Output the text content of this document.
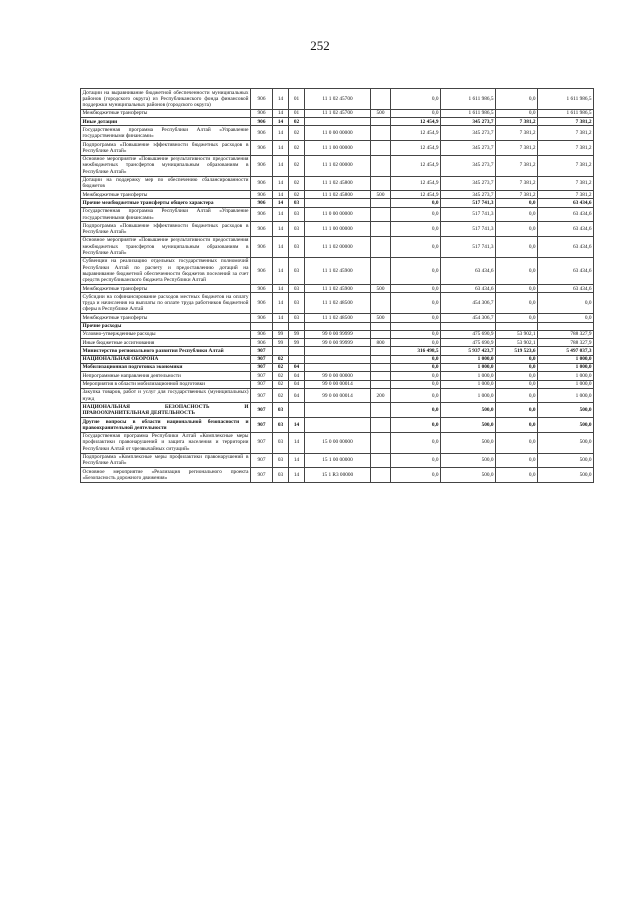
252
Дотации на выравнивание бюджетной обеспеченности муниципальных районов (городского округа) из Республиканского фонда финансовой поддержки муниципальных районов (городского округа)	906	14	01	11 1 02 45700		0,0	1 611 986,5	0,0	1 611 986,5
Межбюджетные трансферты	906	14	01	11 1 02 45700	500	0,0	1 611 986,5	0,0	1 611 986,5
Иные дотации	906	14	02			12 454,9	345 273,7	7 381,2	7 381,2
Государственная программа Республики Алтай «Управление государственными финансами»	906	14	02	11 0 00 00000		12 454,9	345 273,7	7 381,2	7 381,2
Подпрограмма «Повышение эффективности бюджетных расходов в Республике Алтай»	906	14	02	11 1 00 00000		12 454,9	345 273,7	7 381,2	7 381,2
Основное мероприятие «Повышение результативности предоставления межбюджетных трансфертов муниципальным образованиям в Республике Алтай»	906	14	02	11 1 02 00000		12 454,9	345 273,7	7 381,2	7 381,2
Дотации на поддержку мер по обеспечению сбалансированности бюджетов	906	14	02	11 1 02 45800		12 454,9	345 273,7	7 381,2	7 381,2
Межбюджетные трансферты	906	14	02	11 1 02 45800	500	12 454,9	345 273,7	7 381,2	7 381,2
Прочие межбюджетные трансферты общего характера	906	14	03			0,0	517 741,3	0,0	63 434,6
Государственная программа Республики Алтай «Управление государственными финансами»	906	14	03	11 0 00 00000		0,0	517 741,3	0,0	63 434,6
Подпрограмма «Повышение эффективности бюджетных расходов в Республике Алтай»	906	14	03	11 1 00 00000		0,0	517 741,3	0,0	63 434,6
Основное мероприятие «Повышение результативности предоставления межбюджетных трансфертов муниципальным образованиям в Республике Алтай»	906	14	03	11 1 02 00000		0,0	517 741,3	0,0	63 434,6
Субвенции на реализацию отдельных государственных полномочий Республики Алтай по расчету и предоставлению дотаций на выравнивание бюджетной обеспеченности бюджетов поселений за счет средств республиканского бюджета Республики Алтай	906	14	03	11 1 02 45900		0,0	63 434,6	0,0	63 434,6
Межбюджетные трансферты	906	14	03	11 1 02 45900	500	0,0	63 434,6	0,0	63 434,6
Субсидии на софинансирование расходов местных бюджетов на оплату труда и начисления на выплаты по оплате труда работников бюджетной сферы в Республике Алтай	906	14	03	11 1 02 48500		0,0	454 306,7	0,0	0,0
Межбюджетные трансферты	906	14	03	11 1 02 48500	500	0,0	454 306,7	0,0	0,0
Прочие расходы									
Условно-утвержденные расходы	906	99	99	99 0 00 99999		0,0	475 690,9	53 902,1	788 327,9
Иные бюджетные ассигнования	906	99	99	99 0 00 99999	800	0,0	475 690,9	53 902,1	788 327,9
Министерство регионального развития Республики Алтай	907					316 498,5	5 937 423,7	519 523,6	5 497 037,3
НАЦИОНАЛЬНАЯ ОБОРОНА	907	02				0,0	1 000,0	0,0	1 000,0
Мобилизационная подготовка экономики	907	02	04			0,0	1 000,0	0,0	1 000,0
Непрограммные направления деятельности	907	02	04	99 0 00 00000		0,0	1 000,0	0,0	1 000,0
Мероприятия в области мобилизационной подготовки	907	02	04	99 0 00 00014		0,0	1 000,0	0,0	1 000,0
Закупка товаров, работ и услуг для государственных (муниципальных) нужд	907	02	04	99 0 00 00014	200	0,0	1 000,0	0,0	1 000,0
НАЦИОНАЛЬНАЯ БЕЗОПАСНОСТЬ И ПРАВООХРАНИТЕЛЬНАЯ ДЕЯТЕЛЬНОСТЬ	907	03				0,0	500,0	0,0	500,0
Другие вопросы в области национальной безопасности и правоохранительной деятельности	907	03	14			0,0	500,0	0,0	500,0
Государственная программа Республики Алтай «Комплексные меры профилактики правонарушений и защита населения и территории Республики Алтай от чрезвычайных ситуаций»	907	03	14	15 0 00 00000		0,0	500,0	0,0	500,0
Подпрограмма «Комплексные меры профилактики правонарушений в Республике Алтай»	907	03	14	15 1 00 00000		0,0	500,0	0,0	500,0
Основное мероприятие «Реализация регионального проекта «Безопасность дорожного движения»	907	03	14	15 1 R3 00000		0,0	500,0	0,0	500,0
